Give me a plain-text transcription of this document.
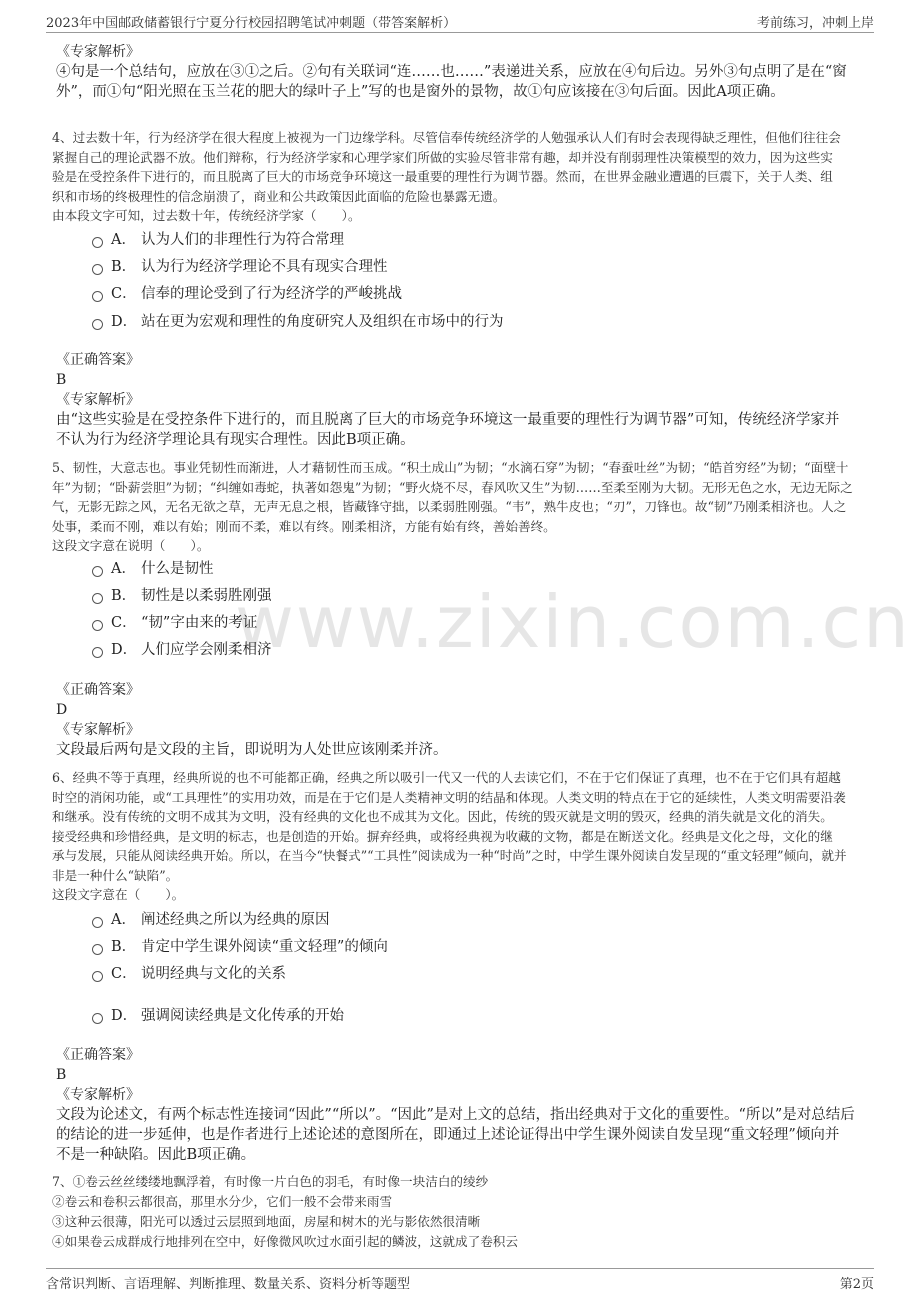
2023年中国邮政储蓄银行宁夏分行校园招聘笔试冲刺题（带答案解析）	考前练习，冲刺上岸
www.zixin.com.cn
《专家解析》
④句是一个总结句，应放在③①之后。②句有关联词“连……也……”表递进关系，应放在④句后边。另外③句点明了是在“窗
外”，而①句“阳光照在玉兰花的肥大的绿叶子上”写的也是窗外的景物，故①句应该接在③句后面。因此A项正确。
4、过去数十年，行为经济学在很大程度上被视为一门边缘学科。尽管信奉传统经济学的人勉强承认人们有时会表现得缺乏理性，但他们往往会
紧握自己的理论武器不放。他们辩称，行为经济学家和心理学家们所做的实验尽管非常有趣，却并没有削弱理性决策模型的效力，因为这些实
验是在受控条件下进行的，而且脱离了巨大的市场竞争环境这一最重要的理性行为调节器。然而，在世界金融业遭遇的巨震下，关于人类、组
织和市场的终极理性的信念崩溃了，商业和公共政策因此面临的危险也暴露无遗。
由本段文字可知，过去数十年，传统经济学家（　　）。
A． 认为人们的非理性行为符合常理
B． 认为行为经济学理论不具有现实合理性
C． 信奉的理论受到了行为经济学的严峻挑战
D． 站在更为宏观和理性的角度研究人及组织在市场中的行为
《正确答案》
B
《专家解析》
由“这些实验是在受控条件下进行的，而且脱离了巨大的市场竞争环境这一最重要的理性行为调节器”可知，传统经济学家并
不认为行为经济学理论具有现实合理性。因此B项正确。
5、韧性，大意志也。事业凭韧性而渐进，人才藉韧性而玉成。“积土成山”为韧；“水滴石穿”为韧；“春蚕吐丝”为韧；“皓首穷经”为韧；“面壁十
年”为韧；“卧薪尝胆”为韧；“纠缠如毒蛇，执著如怨鬼”为韧；“野火烧不尽，春风吹又生”为韧……至柔至刚为大韧。无形无色之水，无边无际之
气，无影无踪之风，无名无欲之草，无声无息之根，皆藏锋守拙，以柔弱胜刚强。“韦”，熟牛皮也；“刃”，刀锋也。故“韧”乃刚柔相济也。人之
处事，柔而不刚，难以有始；刚而不柔，难以有终。刚柔相济，方能有始有终，善始善终。
这段文字意在说明（　　）。
A． 什么是韧性
B． 韧性是以柔弱胜刚强
C． “韧”字由来的考证
D． 人们应学会刚柔相济
《正确答案》
D
《专家解析》
文段最后两句是文段的主旨，即说明为人处世应该刚柔并济。
6、经典不等于真理，经典所说的也不可能都正确，经典之所以吸引一代又一代的人去读它们，不在于它们保证了真理，也不在于它们具有超越
时空的消闲功能，或“工具理性”的实用功效，而是在于它们是人类精神文明的结晶和体现。人类文明的特点在于它的延续性，人类文明需要沿袭
和继承。没有传统的文明不成其为文明，没有经典的文化也不成其为文化。因此，传统的毁灭就是文明的毁灭，经典的消失就是文化的消失。
接受经典和珍惜经典，是文明的标志，也是创造的开始。摒弃经典，或将经典视为收藏的文物，都是在断送文化。经典是文化之母，文化的继
承与发展，只能从阅读经典开始。所以，在当今“快餐式”“工具性”阅读成为一种“时尚”之时，中学生课外阅读自发呈现的“重文轻理”倾向，就并
非是一种什么“缺陷”。
这段文字意在（　　）。
A． 阐述经典之所以为经典的原因
B． 肯定中学生课外阅读“重文轻理”的倾向
C． 说明经典与文化的关系
D． 强调阅读经典是文化传承的开始
《正确答案》
B
《专家解析》
文段为论述文，有两个标志性连接词“因此”“所以”。“因此”是对上文的总结，指出经典对于文化的重要性。“所以”是对总结后
的结论的进一步延伸，也是作者进行上述论述的意图所在，即通过上述论证得出中学生课外阅读自发呈现“重文轻理”倾向并
不是一种缺陷。因此B项正确。
7、①卷云丝丝缕缕地飘浮着，有时像一片白色的羽毛，有时像一块洁白的绫纱
②卷云和卷积云都很高，那里水分少，它们一般不会带来雨雪
③这种云很薄，阳光可以透过云层照到地面，房屋和树木的光与影依然很清晰
④如果卷云成群成行地排列在空中，好像微风吹过水面引起的鳞波，这就成了卷积云
含常识判断、言语理解、判断推理、数量关系、资料分析等题型	第2页
